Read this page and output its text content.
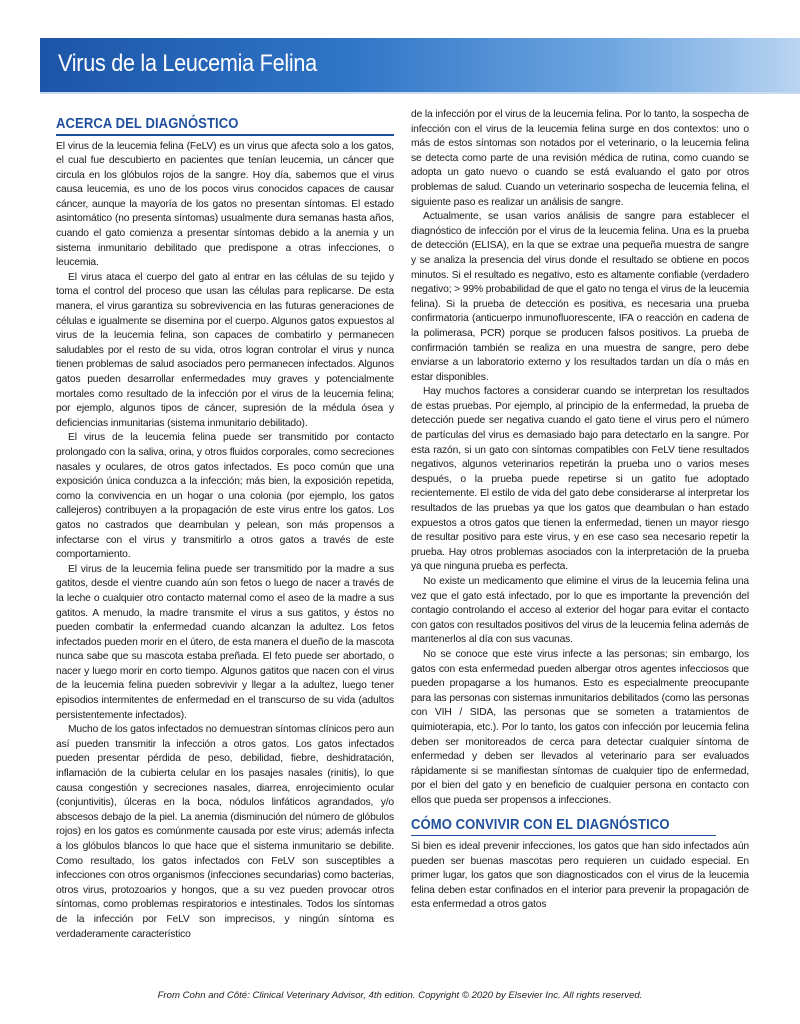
Virus de la Leucemia Felina
ACERCA DEL DIAGNÓSTICO

El virus de la leucemia felina (FeLV) es un virus que afecta solo a los gatos, el cual fue descubierto en pacientes que tenían leucemia, un cáncer que circula en los glóbulos rojos de la sangre. Hoy día, sabemos que el virus causa leucemia, es uno de los pocos virus conocidos capaces de causar cáncer, aunque la mayoría de los gatos no presentan síntomas. El estado asintomático (no presenta síntomas) usualmente dura semanas hasta años, cuando el gato comienza a presentar síntomas debido a la anemia y un sistema inmunitario debilitado que predispone a otras infecciones, o leucemia.

El virus ataca el cuerpo del gato al entrar en las células de su tejido y toma el control del proceso que usan las células para replicarse. De esta manera, el virus garantiza su sobrevivencia en las futuras generaciones de células e igualmente se disemina por el cuerpo. Algunos gatos expuestos al virus de la leucemia felina, son capaces de combatirlo y permanecen saludables por el resto de su vida, otros logran controlar el virus y nunca tienen problemas de salud asociados pero permanecen infectados. Algunos gatos pueden desarrollar enfermedades muy graves y potencialmente mortales como resultado de la infección por el virus de la leucemia felina; por ejemplo, algunos tipos de cáncer, supresión de la médula ósea y deficiencias inmunitarias (sistema inmunitario debilitado).

El virus de la leucemia felina puede ser transmitido por contacto prolongado con la saliva, orina, y otros fluidos corporales, como secreciones nasales y oculares, de otros gatos infectados. Es poco común que una exposición única conduzca a la infección; más bien, la exposición repetida, como la convivencia en un hogar o una colonia (por ejemplo, los gatos callejeros) contribuyen a la propagación de este virus entre los gatos. Los gatos no castrados que deambulan y pelean, son más propensos a infectarse con el virus y transmitirlo a otros gatos a través de este comportamiento.

El virus de la leucemia felina puede ser transmitido por la madre a sus gatitos, desde el vientre cuando aún son fetos o luego de nacer a través de la leche o cualquier otro contacto maternal como el aseo de la madre a sus gatitos. A menudo, la madre transmite el virus a sus gatitos, y éstos no pueden combatir la enfermedad cuando alcanzan la adultez. Los fetos infectados pueden morir en el útero, de esta manera el dueño de la mascota nunca sabe que su mascota estaba preñada. El feto puede ser abortado, o nacer y luego morir en corto tiempo. Algunos gatitos que nacen con el virus de la leucemia felina pueden sobrevivir y llegar a la adultez, luego tener episodios intermitentes de enfermedad en el transcurso de su vida (adultos persistentemente infectados).

Mucho de los gatos infectados no demuestran síntomas clínicos pero aun así pueden transmitir la infección a otros gatos. Los gatos infectados pueden presentar pérdida de peso, debilidad, fiebre, deshidratación, inflamación de la cubierta celular en los pasajes nasales (rinitis), lo que causa congestión y secreciones nasales, diarrea, enrojecimiento ocular (conjuntivitis), úlceras en la boca, nódulos linfáticos agrandados, y/o abscesos debajo de la piel. La anemia (disminución del número de glóbulos rojos) en los gatos es comúnmente causada por este virus; además infecta a los glóbulos blancos lo que hace que el sistema inmunitario se debilite. Como resultado, los gatos infectados con FeLV son susceptibles a infecciones con otros organismos (infecciones secundarias) como bacterias, otros virus, protozoarios y hongos, que a su vez pueden provocar otros síntomas, como problemas respiratorios e intestinales. Todos los síntomas de la infección por FeLV son imprecisos, y ningún síntoma es verdaderamente característico

de la infección por el virus de la leucemia felina. Por lo tanto, la sospecha de infección con el virus de la leucemia felina surge en dos contextos: uno o más de estos síntomas son notados por el veterinario, o la leucemia felina se detecta como parte de una revisión médica de rutina, como cuando se adopta un gato nuevo o cuando se está evaluando el gato por otros problemas de salud. Cuando un veterinario sospecha de leucemia felina, el siguiente paso es realizar un análisis de sangre.

Actualmente, se usan varios análisis de sangre para establecer el diagnóstico de infección por el virus de la leucemia felina. Una es la prueba de detección (ELISA), en la que se extrae una pequeña muestra de sangre y se analiza la presencia del virus donde el resultado se obtiene en pocos minutos. Si el resultado es negativo, esto es altamente confiable (verdadero negativo; > 99% probabilidad de que el gato no tenga el virus de la leucemia felina). Si la prueba de detección es positiva, es necesaria una prueba confirmatoria (anticuerpo inmunofluorescente, IFA o reacción en cadena de la polimerasa, PCR) porque se producen falsos positivos. La prueba de confirmación también se realiza en una muestra de sangre, pero debe enviarse a un laboratorio externo y los resultados tardan un día o más en estar disponibles.

Hay muchos factores a considerar cuando se interpretan los resultados de estas pruebas. Por ejemplo, al principio de la enfermedad, la prueba de detección puede ser negativa cuando el gato tiene el virus pero el número de partículas del virus es demasiado bajo para detectarlo en la sangre. Por esta razón, si un gato con síntomas compatibles con FeLV tiene resultados negativos, algunos veterinarios repetirán la prueba uno o varios meses después, o la prueba puede repetirse si un gatito fue adoptado recientemente. El estilo de vida del gato debe considerarse al interpretar los resultados de las pruebas ya que los gatos que deambulan o han estado expuestos a otros gatos que tienen la enfermedad, tienen un mayor riesgo de resultar positivo para este virus, y en ese caso sea necesario repetir la prueba. Hay otros problemas asociados con la interpretación de la prueba ya que ninguna prueba es perfecta.

No existe un medicamento que elimine el virus de la leucemia felina una vez que el gato está infectado, por lo que es importante la prevención del contagio controlando el acceso al exterior del hogar para evitar el contacto con gatos con resultados positivos del virus de la leucemia felina además de mantenerlos al día con sus vacunas.

No se conoce que este virus infecte a las personas; sin embargo, los gatos con esta enfermedad pueden albergar otros agentes infecciosos que pueden propagarse a los humanos. Esto es especialmente preocupante para las personas con sistemas inmunitarios debilitados (como las personas con VIH / SIDA, las personas que se someten a tratamientos de quimioterapia, etc.). Por lo tanto, los gatos con infección por leucemia felina deben ser monitoreados de cerca para detectar cualquier síntoma de enfermedad y deben ser llevados al veterinario para ser evaluados rápidamente si se manifiestan síntomas de cualquier tipo de enfermedad, por el bien del gato y en beneficio de cualquier persona en contacto con ellos que pueda ser propensos a infecciones.

CÓMO CONVIVIR CON EL DIAGNÓSTICO

Si bien es ideal prevenir infecciones, los gatos que han sido infectados aún pueden ser buenas mascotas pero requieren un cuidado especial. En primer lugar, los gatos que son diagnosticados con el virus de la leucemia felina deben estar confinados en el interior para prevenir la propagación de esta enfermedad a otros gatos

From Cohn and Côté: Clinical Veterinary Advisor, 4th edition. Copyright © 2020 by Elsevier Inc. All rights reserved.
